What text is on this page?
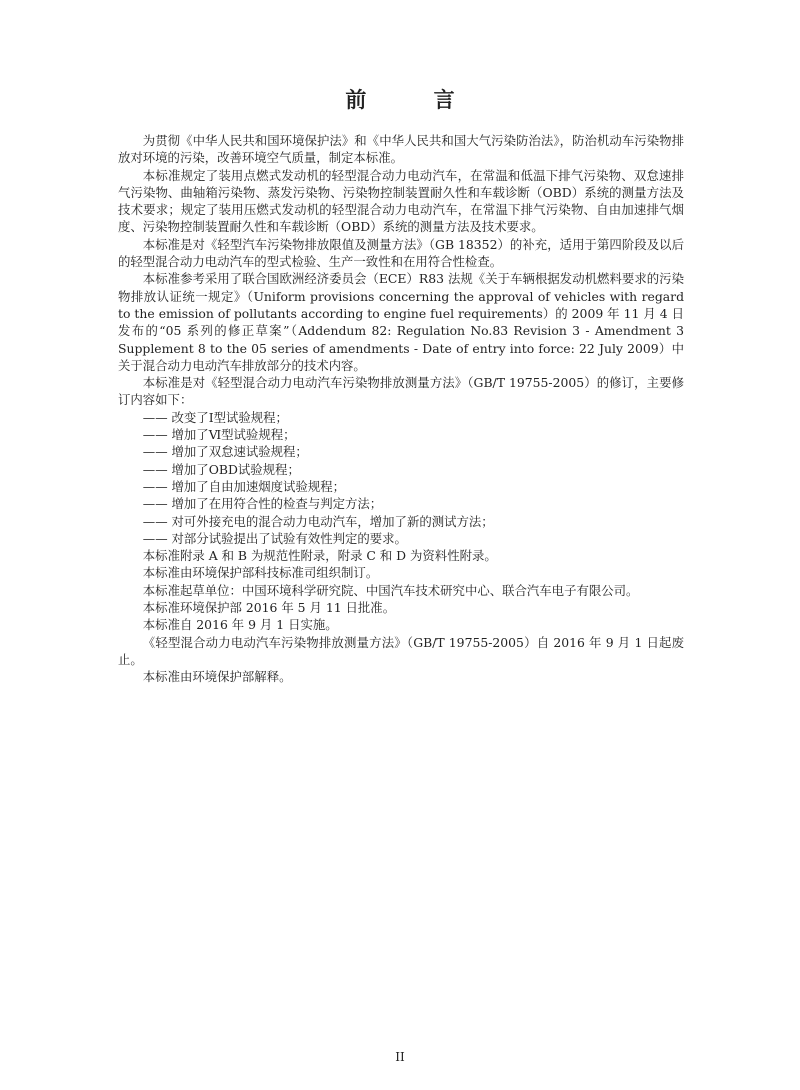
前 言

为贯彻《中华人民共和国环境保护法》和《中华人民共和国大气污染防治法》，防治机动车污染物排放对环境的污染，改善环境空气质量，制定本标准。

本标准规定了装用点燃式发动机的轻型混合动力电动汽车，在常温和低温下排气污染物、双怠速排气污染物、曲轴箱污染物、蒸发污染物、污染物控制装置耐久性和车载诊断（OBD）系统的测量方法及技术要求；规定了装用压燃式发动机的轻型混合动力电动汽车，在常温下排气污染物、自由加速排气烟度、污染物控制装置耐久性和车载诊断（OBD）系统的测量方法及技术要求。

本标准是对《轻型汽车污染物排放限值及测量方法》（GB 18352）的补充，适用于第四阶段及以后的轻型混合动力电动汽车的型式检验、生产一致性和在用符合性检查。

本标准参考采用了联合国欧洲经济委员会（ECE）R83 法规《关于车辆根据发动机燃料要求的污染物排放认证统一规定》（Uniform provisions concerning the approval of vehicles with regard to the emission of pollutants according to engine fuel requirements）的 2009 年 11 月 4 日发布的“05 系列的修正草案”（Addendum 82: Regulation No.83 Revision 3 - Amendment 3 Supplement 8 to the 05 series of amendments - Date of entry into force: 22 July 2009）中关于混合动力电动汽车排放部分的技术内容。

本标准是对《轻型混合动力电动汽车污染物排放测量方法》（GB/T 19755-2005）的修订，主要修订内容如下：

—— 改变了Ⅰ型试验规程；

—— 增加了Ⅵ型试验规程；

—— 增加了双怠速试验规程；

—— 增加了OBD试验规程；

—— 增加了自由加速烟度试验规程；

—— 增加了在用符合性的检查与判定方法；

—— 对可外接充电的混合动力电动汽车，增加了新的测试方法；

—— 对部分试验提出了试验有效性判定的要求。

本标准附录 A 和 B 为规范性附录，附录 C 和 D 为资料性附录。

本标准由环境保护部科技标准司组织制订。

本标准起草单位：中国环境科学研究院、中国汽车技术研究中心、联合汽车电子有限公司。

本标准环境保护部 2016 年 5 月 11 日批准。

本标准自 2016 年 9 月 1 日实施。

《轻型混合动力电动汽车污染物排放测量方法》（GB/T 19755-2005）自 2016 年 9 月 1 日起废止。

本标准由环境保护部解释。

II
